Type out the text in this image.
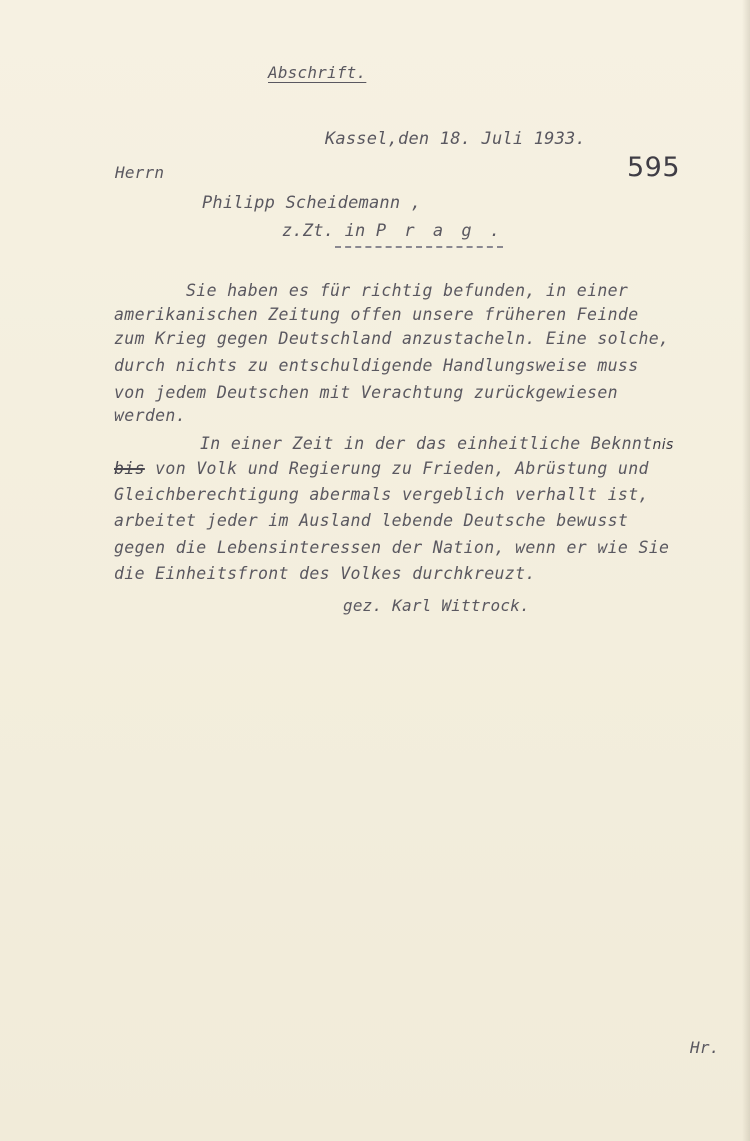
Abschrift.
Kassel,den 18. Juli 1933.
595
Herrn
Philipp Scheidemann ,
z.Zt. in P r a g .
Sie haben es für richtig befunden, in einer
amerikanischen Zeitung offen unsere früheren Feinde
zum Krieg gegen Deutschland anzustacheln. Eine solche,
durch nichts zu entschuldigende Handlungsweise muss
von jedem Deutschen mit Verachtung zurückgewiesen
werden.
In einer Zeit in der das einheitliche Beknntnis
bis von Volk und Regierung zu Frieden, Abrüstung und
Gleichberechtigung abermals vergeblich verhallt ist,
arbeitet jeder im Ausland lebende Deutsche bewusst
gegen die Lebensinteressen der Nation, wenn er wie Sie
die Einheitsfront des Volkes durchkreuzt.
gez. Karl Wittrock.
Hr.
